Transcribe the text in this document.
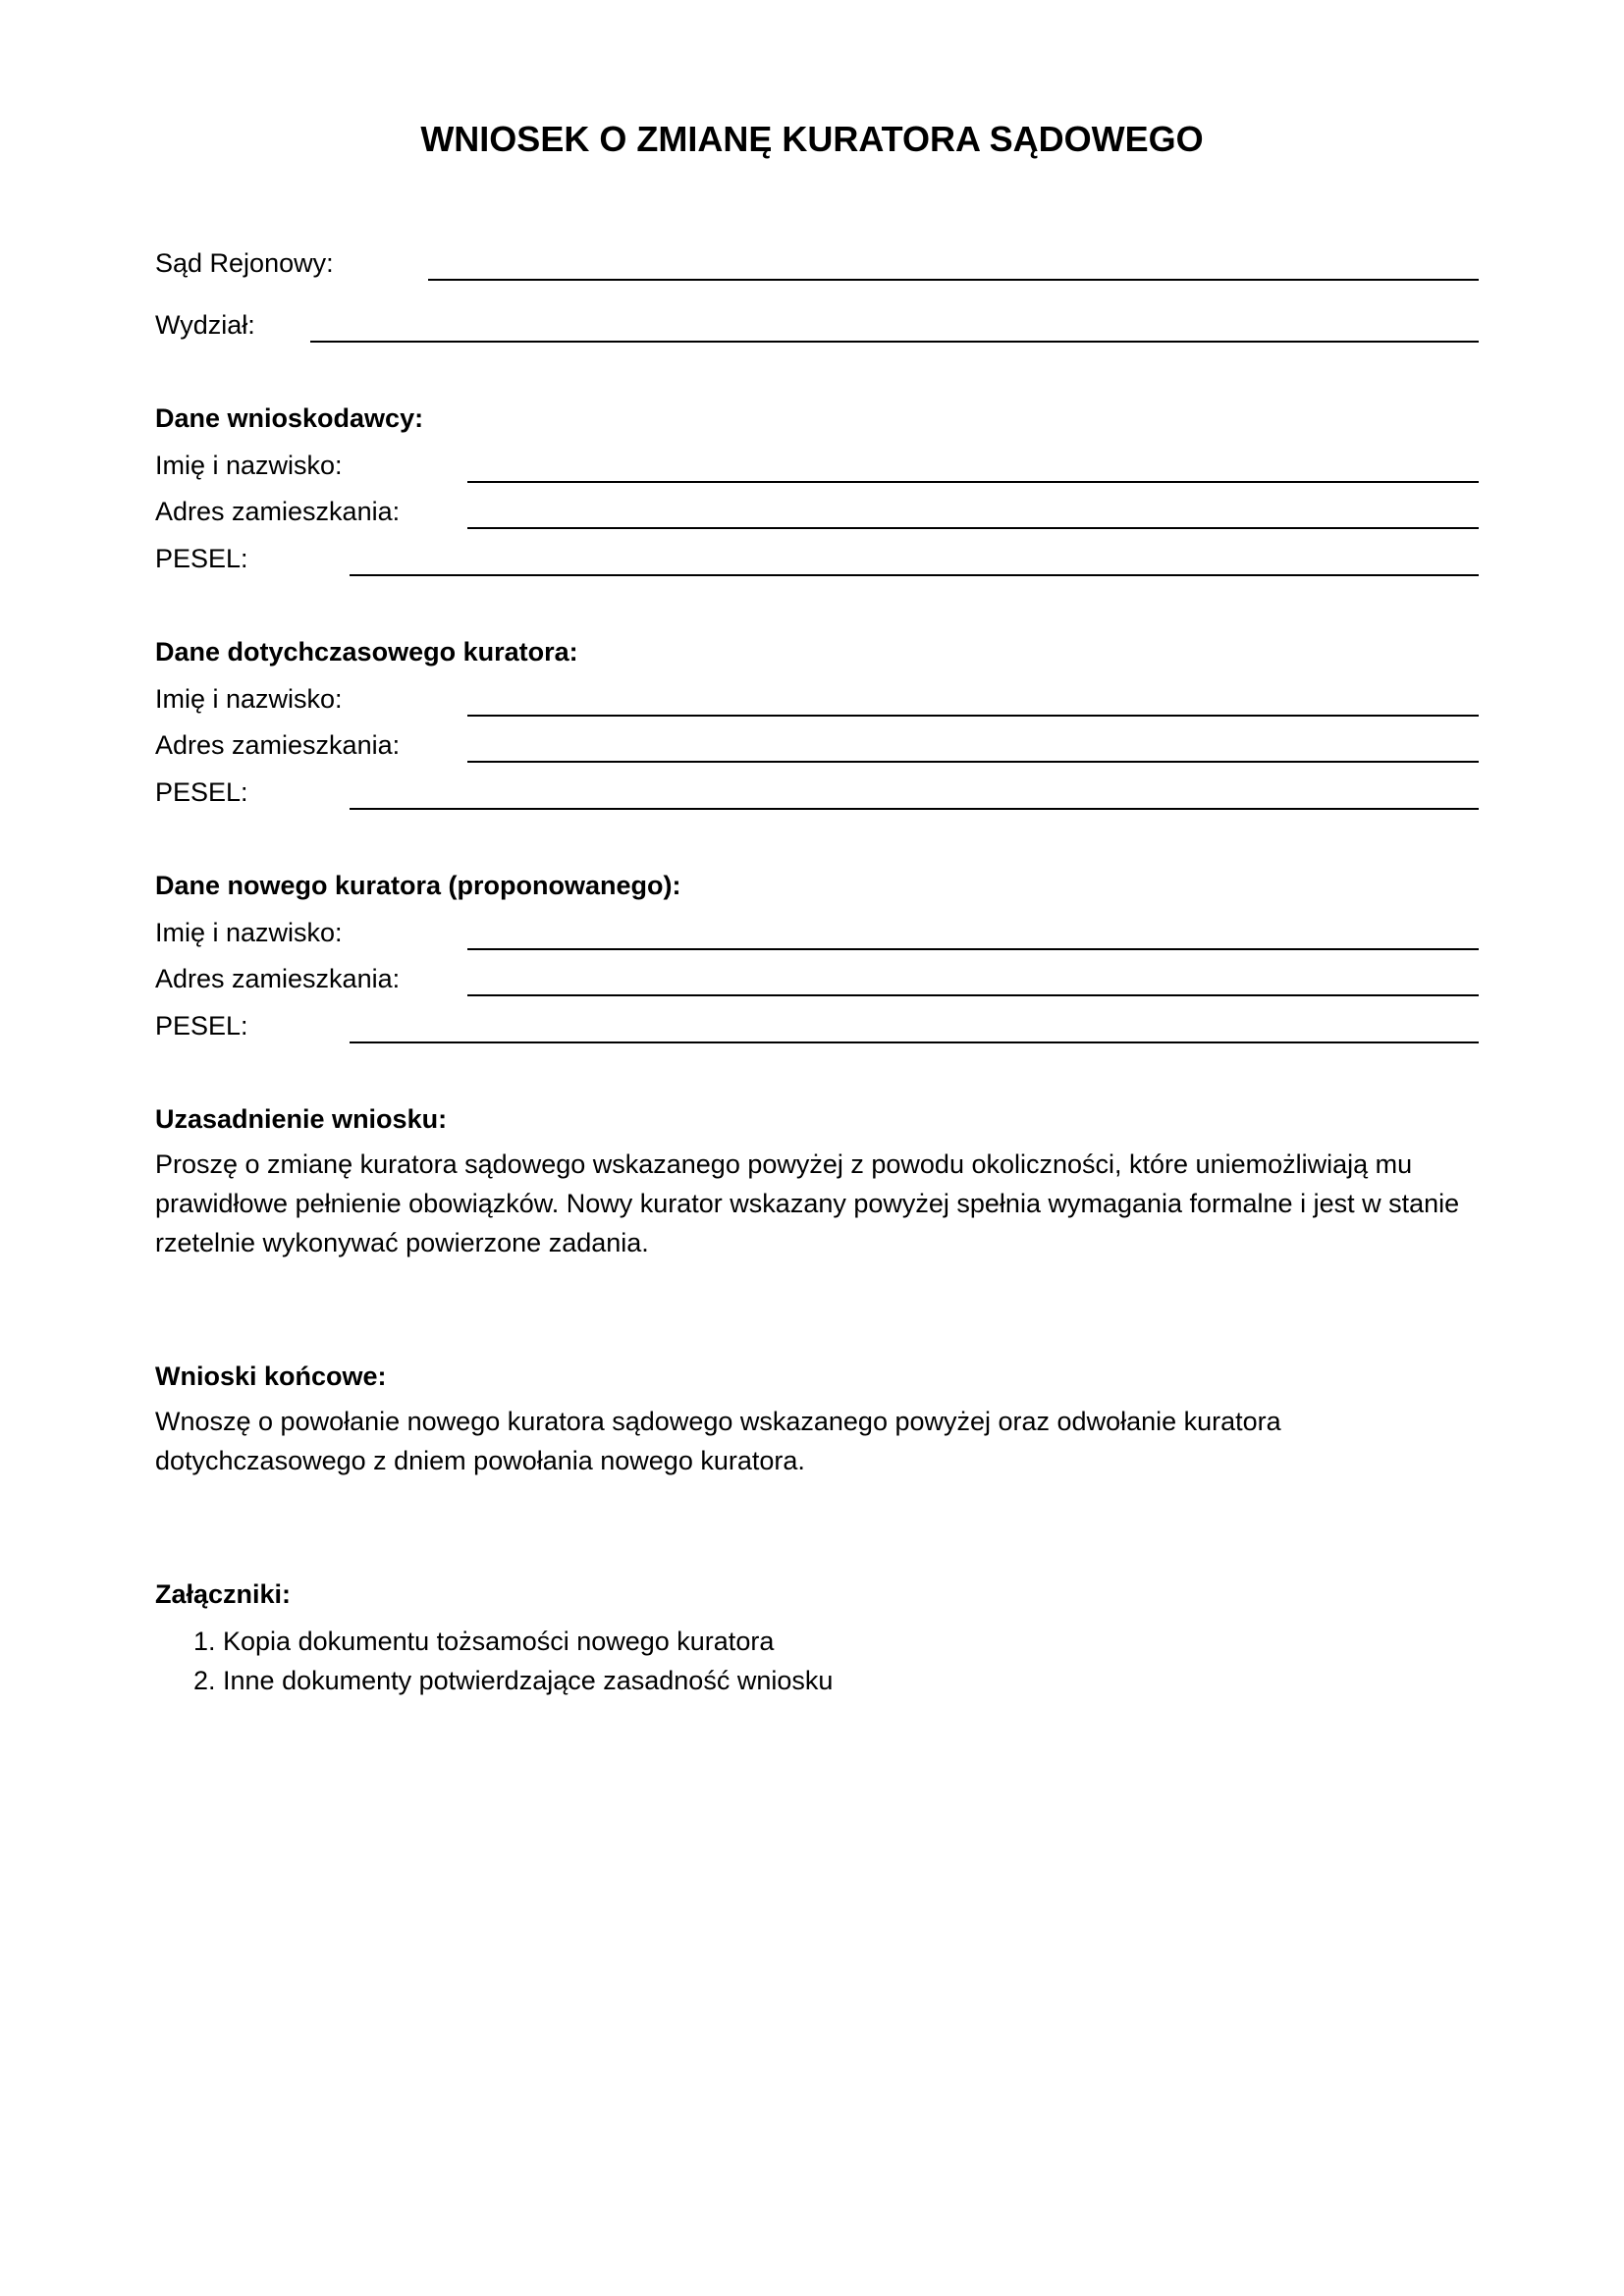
WNIOSEK O ZMIANĘ KURATORA SĄDOWEGO
Sąd Rejonowy:
Wydział:
Dane wnioskodawcy:
Imię i nazwisko:
Adres zamieszkania:
PESEL:
Dane dotychczasowego kuratora:
Imię i nazwisko:
Adres zamieszkania:
PESEL:
Dane nowego kuratora (proponowanego):
Imię i nazwisko:
Adres zamieszkania:
PESEL:
Uzasadnienie wniosku:
Proszę o zmianę kuratora sądowego wskazanego powyżej z powodu okoliczności, które uniemożliwiają mu prawidłowe pełnienie obowiązków. Nowy kurator wskazany powyżej spełnia wymagania formalne i jest w stanie rzetelnie wykonywać powierzone zadania.
Wnioski końcowe:
Wnoszę o powołanie nowego kuratora sądowego wskazanego powyżej oraz odwołanie kuratora dotychczasowego z dniem powołania nowego kuratora.
Załączniki:
1. Kopia dokumentu tożsamości nowego kuratora
2. Inne dokumenty potwierdzające zasadność wniosku
